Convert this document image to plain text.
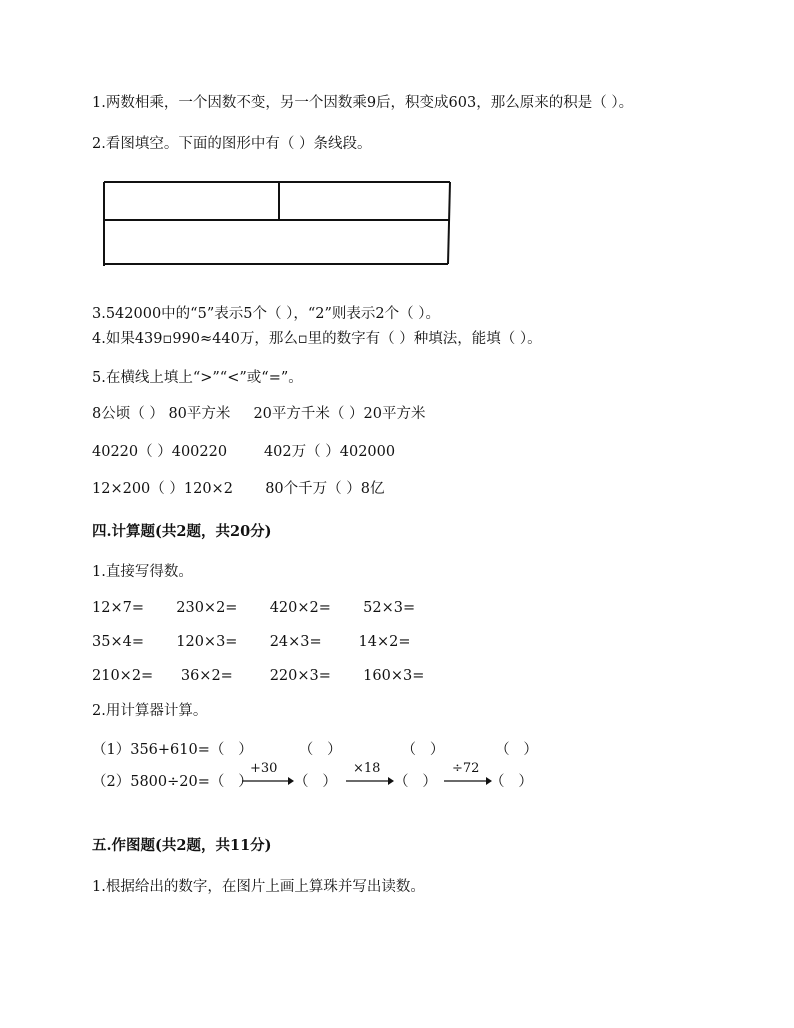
1.两数相乘，一个因数不变，另一个因数乘9后，积变成603，那么原来的积是（ ）。
2.看图填空。下面的图形中有（ ）条线段。
3.542000中的“5”表示5个（ ），“2”则表示2个（ ）。
4.如果439▫990≈440万，那么▫里的数字有（ ）种填法，能填（ ）。
5.在横线上填上“>”“<”或“=”。
8公顷（ ） 80平方米     20平方千米（ ）20平方米
40220（ ）400220        402万（ ）402000
12×200（ ）120×2       80个千万（ ）8亿
四.计算题(共2题，共20分)
1.直接写得数。
12×7=       230×2=       420×2=       52×3=
35×4=       120×3=       24×3=        14×2=
210×2=      36×2=        220×3=       160×3=
2.用计算器计算。
（1）356+610=（   ）          （   ）             （   ）           （   ）
（2）5800÷20=（   ）
+30
（   ）
×18
（   ）
÷72
（   ）
五.作图题(共2题，共11分)
1.根据给出的数字，在图片上画上算珠并写出读数。
